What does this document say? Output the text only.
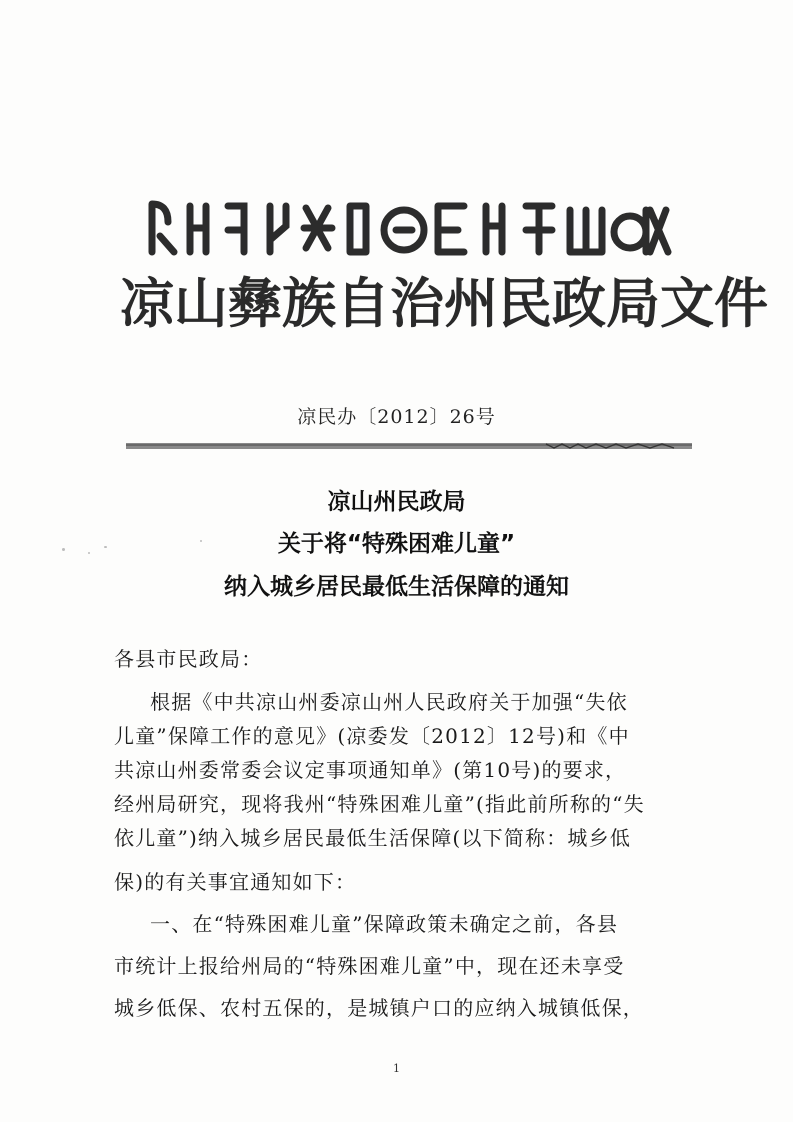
凉山彝族自治州民政局文件
凉民办〔2012〕26号
凉山州民政局
关于将“特殊困难儿童”
纳入城乡居民最低生活保障的通知
各县市民政局：
根据《中共凉山州委凉山州人民政府关于加强“失依
儿童”保障工作的意见》(凉委发〔2012〕12号)和《中
共凉山州委常委会议定事项通知单》(第10号)的要求，
经州局研究，现将我州“特殊困难儿童”(指此前所称的“失
依儿童”)纳入城乡居民最低生活保障(以下简称：城乡低
保)的有关事宜通知如下：
一、在“特殊困难儿童”保障政策未确定之前，各县
市统计上报给州局的“特殊困难儿童”中，现在还未享受
城乡低保、农村五保的，是城镇户口的应纳入城镇低保，
1
